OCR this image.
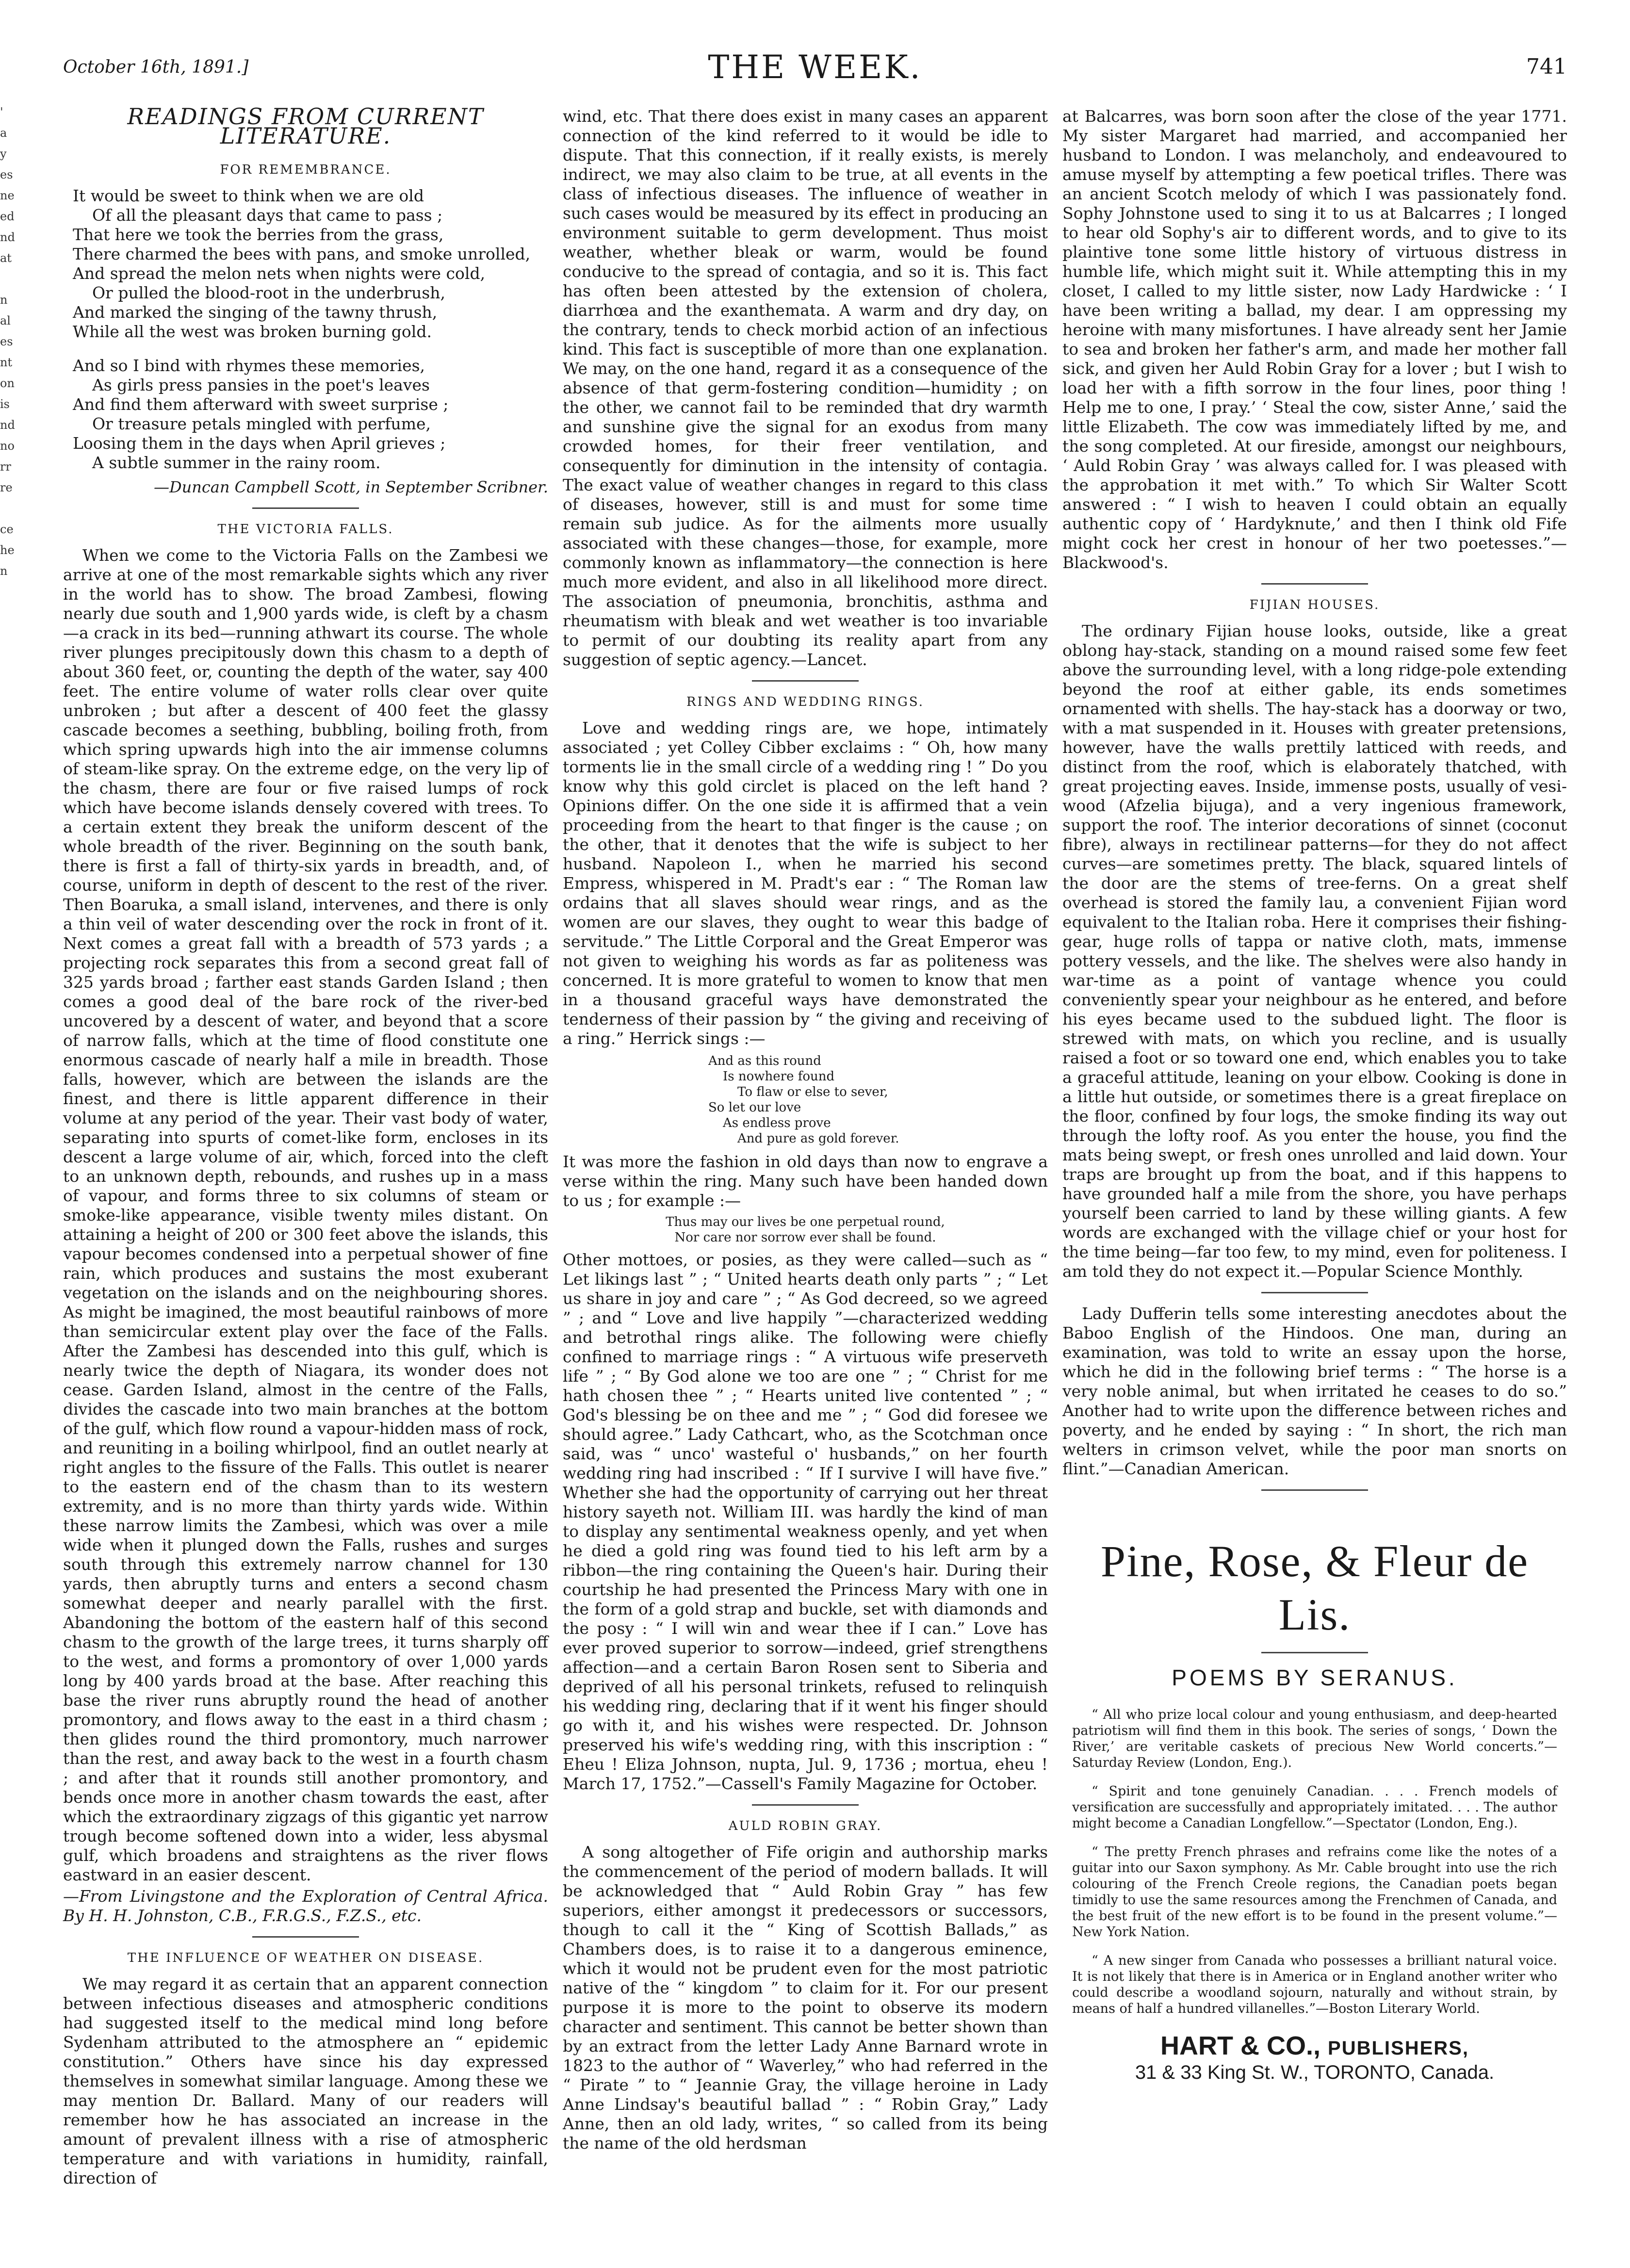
'
a
y
es
ne
ed
nd
at

n
al
es
nt
on
is
nd
no
rr
re

ce
he
n

October 16th, 1891.]	THE WEEK.	741
READINGS FROM CURRENT LITERATURE.
FOR REMEMBRANCE.
It would be sweet to think when we are old
Of all the pleasant days that came to pass ;
That here we took the berries from the grass,
There charmed the bees with pans, and smoke unrolled,
And spread the melon nets when nights were cold,
Or pulled the blood-root in the underbrush,
And marked the singing of the tawny thrush,
While all the west was broken burning gold.
And so I bind with rhymes these memories,
As girls press pansies in the poet's leaves
And find them afterward with sweet surprise ;
Or treasure petals mingled with perfume,
Loosing them in the days when April grieves ;
A subtle summer in the rainy room.
—Duncan Campbell Scott, in September Scribner.
THE VICTORIA FALLS.

When we come to the Victoria Falls on the Zambesi we arrive at one of the most remarkable sights which any river in the world has to show. The broad Zambesi, flowing nearly due south and 1,900 yards wide, is cleft by a chasm—a crack in its bed—running athwart its course. The whole river plunges precipitously down this chasm to a depth of about 360 feet, or, counting the depth of the water, say 400 feet. The entire volume of water rolls clear over quite unbroken ; but after a descent of 400 feet the glassy cascade becomes a seething, bubbling, boiling froth, from which spring upwards high into the air immense columns of steam-like spray. On the extreme edge, on the very lip of the chasm, there are four or five raised lumps of rock which have become islands densely covered with trees. To a certain extent they break the uniform descent of the whole breadth of the river. Beginning on the south bank, there is first a fall of thirty-six yards in breadth, and, of course, uniform in depth of descent to the rest of the river. Then Boaruka, a small island, intervenes, and there is only a thin veil of water descending over the rock in front of it. Next comes a great fall with a breadth of 573 yards ; a projecting rock separates this from a second great fall of 325 yards broad ; farther east stands Garden Island ; then comes a good deal of the bare rock of the river-bed uncovered by a descent of water, and beyond that a score of narrow falls, which at the time of flood constitute one enormous cascade of nearly half a mile in breadth. Those falls, however, which are between the islands are the finest, and there is little apparent difference in their volume at any period of the year. Their vast body of water, separating into spurts of comet-like form, encloses in its descent a large volume of air, which, forced into the cleft to an unknown depth, rebounds, and rushes up in a mass of vapour, and forms three to six columns of steam or smoke-like appearance, visible twenty miles distant. On attaining a height of 200 or 300 feet above the islands, this vapour becomes condensed into a perpetual shower of fine rain, which produces and sustains the most exuberant vegetation on the islands and on the neighbouring shores. As might be imagined, the most beautiful rainbows of more than semicircular extent play over the face of the Falls. After the Zambesi has descended into this gulf, which is nearly twice the depth of Niagara, its wonder does not cease. Garden Island, almost in the centre of the Falls, divides the cascade into two main branches at the bottom of the gulf, which flow round a vapour-hidden mass of rock, and reuniting in a boiling whirlpool, find an outlet nearly at right angles to the fissure of the Falls. This outlet is nearer to the eastern end of the chasm than to its western extremity, and is no more than thirty yards wide. Within these narrow limits the Zambesi, which was over a mile wide when it plunged down the Falls, rushes and surges south through this extremely narrow channel for 130 yards, then abruptly turns and enters a second chasm somewhat deeper and nearly parallel with the first. Abandoning the bottom of the eastern half of this second chasm to the growth of the large trees, it turns sharply off to the west, and forms a promontory of over 1,000 yards long by 400 yards broad at the base. After reaching this base the river runs abruptly round the head of another promontory, and flows away to the east in a third chasm ; then glides round the third promontory, much narrower than the rest, and away back to the west in a fourth chasm ; and after that it rounds still another promontory, and bends once more in another chasm towards the east, after which the extraordinary zigzags of this gigantic yet narrow trough become softened down into a wider, less abysmal gulf, which broadens and straightens as the river flows eastward in an easier descent.

—From Livingstone and the Exploration of Central Africa. By H. H. Johnston, C.B., F.R.G.S., F.Z.S., etc.

THE INFLUENCE OF WEATHER ON DISEASE.

We may regard it as certain that an apparent connection between infectious diseases and atmospheric conditions had suggested itself to the medical mind long before Sydenham attributed to the atmosphere an “ epidemic constitution.” Others have since his day expressed themselves in somewhat similar language. Among these we may mention Dr. Ballard. Many of our readers will remember how he has associated an increase in the amount of prevalent illness with a rise of atmospheric temperature and with variations in humidity, rainfall, direction of

wind, etc. That there does exist in many cases an apparent connection of the kind referred to it would be idle to dispute. That this connection, if it really exists, is merely indirect, we may also claim to be true, at all events in the class of infectious diseases. The influence of weather in such cases would be measured by its effect in producing an environment suitable to germ development. Thus moist weather, whether bleak or warm, would be found conducive to the spread of contagia, and so it is. This fact has often been attested by the extension of cholera, diarrhœa and the exanthemata. A warm and dry day, on the contrary, tends to check morbid action of an infectious kind. This fact is susceptible of more than one explanation. We may, on the one hand, regard it as a consequence of the absence of that germ-fostering condition—humidity ; on the other, we cannot fail to be reminded that dry warmth and sunshine give the signal for an exodus from many crowded homes, for their freer ventilation, and consequently for diminution in the intensity of contagia. The exact value of weather changes in regard to this class of diseases, however, still is and must for some time remain sub judice. As for the ailments more usually associated with these changes—those, for example, more commonly known as inflammatory—the connection is here much more evident, and also in all likelihood more direct. The association of pneumonia, bronchitis, asthma and rheumatism with bleak and wet weather is too invariable to permit of our doubting its reality apart from any suggestion of septic agency.—Lancet.

RINGS AND WEDDING RINGS.

Love and wedding rings are, we hope, intimately associated ; yet Colley Cibber exclaims : “ Oh, how many torments lie in the small circle of a wedding ring ! ” Do you know why this gold circlet is placed on the left hand ? Opinions differ. On the one side it is affirmed that a vein proceeding from the heart to that finger is the cause ; on the other, that it denotes that the wife is subject to her husband. Napoleon I., when he married his second Empress, whispered in M. Pradt's ear : “ The Roman law ordains that all slaves should wear rings, and as the women are our slaves, they ought to wear this badge of servitude.” The Little Corporal and the Great Emperor was not given to weighing his words as far as politeness was concerned. It is more grateful to women to know that men in a thousand graceful ways have demonstrated the tenderness of their passion by “ the giving and receiving of a ring.” Herrick sings :—

And as this round
Is nowhere found
To flaw or else to sever,
So let our love
As endless prove
And pure as gold forever.

It was more the fashion in old days than now to engrave a verse within the ring. Many such have been handed down to us ; for example :—

Thus may our lives be one perpetual round,
Nor care nor sorrow ever shall be found.

Other mottoes, or posies, as they were called—such as “ Let likings last ” ; “ United hearts death only parts ” ; “ Let us share in joy and care ” ; “ As God decreed, so we agreed ” ; and “ Love and live happily ”—characterized wedding and betrothal rings alike. The following were chiefly confined to marriage rings : “ A virtuous wife preserveth life ” ; “ By God alone we too are one ” ; “ Christ for me hath chosen thee ” ; “ Hearts united live contented ” ; “ God's blessing be on thee and me ” ; “ God did foresee we should agree.” Lady Cathcart, who, as the Scotchman once said, was “ unco' wasteful o' husbands,” on her fourth wedding ring had inscribed : “ If I survive I will have five.” Whether she had the opportunity of carrying out her threat history sayeth not. William III. was hardly the kind of man to display any sentimental weakness openly, and yet when he died a gold ring was found tied to his left arm by a ribbon—the ring containing the Queen's hair. During their courtship he had presented the Princess Mary with one in the form of a gold strap and buckle, set with diamonds and the posy : “ I will win and wear thee if I can.” Love has ever proved superior to sorrow—indeed, grief strengthens affection—and a certain Baron Rosen sent to Siberia and deprived of all his personal trinkets, refused to relinquish his wedding ring, declaring that if it went his finger should go with it, and his wishes were respected. Dr. Johnson preserved his wife's wedding ring, with this inscription : “ Eheu ! Eliza Johnson, nupta, Jul. 9, 1736 ; mortua, eheu ! March 17, 1752.”—Cassell's Family Magazine for October.

AULD ROBIN GRAY.

A song altogether of Fife origin and authorship marks the commencement of the period of modern ballads. It will be acknowledged that “ Auld Robin Gray ” has few superiors, either amongst it predecessors or successors, though to call it the “ King of Scottish Ballads,” as Chambers does, is to raise it to a dangerous eminence, which it would not be prudent even for the most patriotic native of the “ kingdom ” to claim for it. For our present purpose it is more to the point to observe its modern character and sentiment. This cannot be better shown than by an extract from the letter Lady Anne Barnard wrote in 1823 to the author of “ Waverley,” who had referred in the “ Pirate ” to “ Jeannie Gray, the village heroine in Lady Anne Lindsay's beautiful ballad ” : “ Robin Gray,” Lady Anne, then an old lady, writes, “ so called from its being the name of the old herdsman

at Balcarres, was born soon after the close of the year 1771. My sister Margaret had married, and accompanied her husband to London. I was melancholy, and endeavoured to amuse myself by attempting a few poetical trifles. There was an ancient Scotch melody of which I was passionately fond. Sophy Johnstone used to sing it to us at Balcarres ; I longed to hear old Sophy's air to different words, and to give to its plaintive tone some little history of virtuous distress in humble life, which might suit it. While attempting this in my closet, I called to my little sister, now Lady Hardwicke : ‘ I have been writing a ballad, my dear. I am oppressing my heroine with many misfortunes. I have already sent her Jamie to sea and broken her father's arm, and made her mother fall sick, and given her Auld Robin Gray for a lover ; but I wish to load her with a fifth sorrow in the four lines, poor thing ! Help me to one, I pray.’ ‘ Steal the cow, sister Anne,’ said the little Elizabeth. The cow was immediately lifted by me, and the song completed. At our fireside, amongst our neighbours, ‘ Auld Robin Gray ’ was always called for. I was pleased with the approbation it met with.” To which Sir Walter Scott answered : “ I wish to heaven I could obtain an equally authentic copy of ‘ Hardyknute,’ and then I think old Fife might cock her crest in honour of her two poetesses.”—Blackwood's.

FIJIAN HOUSES.

The ordinary Fijian house looks, outside, like a great oblong hay-stack, standing on a mound raised some few feet above the surrounding level, with a long ridge-pole extending beyond the roof at either gable, its ends sometimes ornamented with shells. The hay-stack has a doorway or two, with a mat suspended in it. Houses with greater pretensions, however, have the walls prettily latticed with reeds, and distinct from the roof, which is elaborately thatched, with great projecting eaves. Inside, immense posts, usually of vesi-wood (Afzelia bijuga), and a very ingenious framework, support the roof. The interior decorations of sinnet (coconut fibre), always in rectilinear patterns—for they do not affect curves—are sometimes pretty. The black, squared lintels of the door are the stems of tree-ferns. On a great shelf overhead is stored the family lau, a convenient Fijian word equivalent to the Italian roba. Here it comprises their fishing-gear, huge rolls of tappa or native cloth, mats, immense pottery vessels, and the like. The shelves were also handy in war-time as a point of vantage whence you could conveniently spear your neighbour as he entered, and before his eyes became used to the subdued light. The floor is strewed with mats, on which you recline, and is usually raised a foot or so toward one end, which enables you to take a graceful attitude, leaning on your elbow. Cooking is done in a little hut outside, or sometimes there is a great fireplace on the floor, confined by four logs, the smoke finding its way out through the lofty roof. As you enter the house, you find the mats being swept, or fresh ones unrolled and laid down. Your traps are brought up from the boat, and if this happens to have grounded half a mile from the shore, you have perhaps yourself been carried to land by these willing giants. A few words are exchanged with the village chief or your host for the time being—far too few, to my mind, even for politeness. I am told they do not expect it.—Popular Science Monthly.

Lady Dufferin tells some interesting anecdotes about the Baboo English of the Hindoos. One man, during an examination, was told to write an essay upon the horse, which he did in the following brief terms : “ The horse is a very noble animal, but when irritated he ceases to do so.” Another had to write upon the difference between riches and poverty, and he ended by saying : “ In short, the rich man welters in crimson velvet, while the poor man snorts on flint.”—Canadian American.

Pine, Rose, & Fleur de Lis.
POEMS BY SERANUS.
“ All who prize local colour and young enthusiasm, and deep-hearted patriotism will find them in this book. The series of songs, ‘ Down the River,’ are veritable caskets of precious New World concerts.”—Saturday Review (London, Eng.).
“ Spirit and tone genuinely Canadian. . . . French models of versification are successfully and appropriately imitated. . . . The author might become a Canadian Longfellow.”—Spectator (London, Eng.).
“ The pretty French phrases and refrains come like the notes of a guitar into our Saxon symphony. As Mr. Cable brought into use the rich colouring of the French Creole regions, the Canadian poets began timidly to use the same resources among the Frenchmen of Canada, and the best fruit of the new effort is to be found in the present volume.”—New York Nation.
“ A new singer from Canada who possesses a brilliant natural voice. It is not likely that there is in America or in England another writer who could describe a woodland sojourn, naturally and without strain, by means of half a hundred villanelles.”—Boston Literary World.
HART & CO., PUBLISHERS,
31 & 33 King St. W., TORONTO, Canada.
